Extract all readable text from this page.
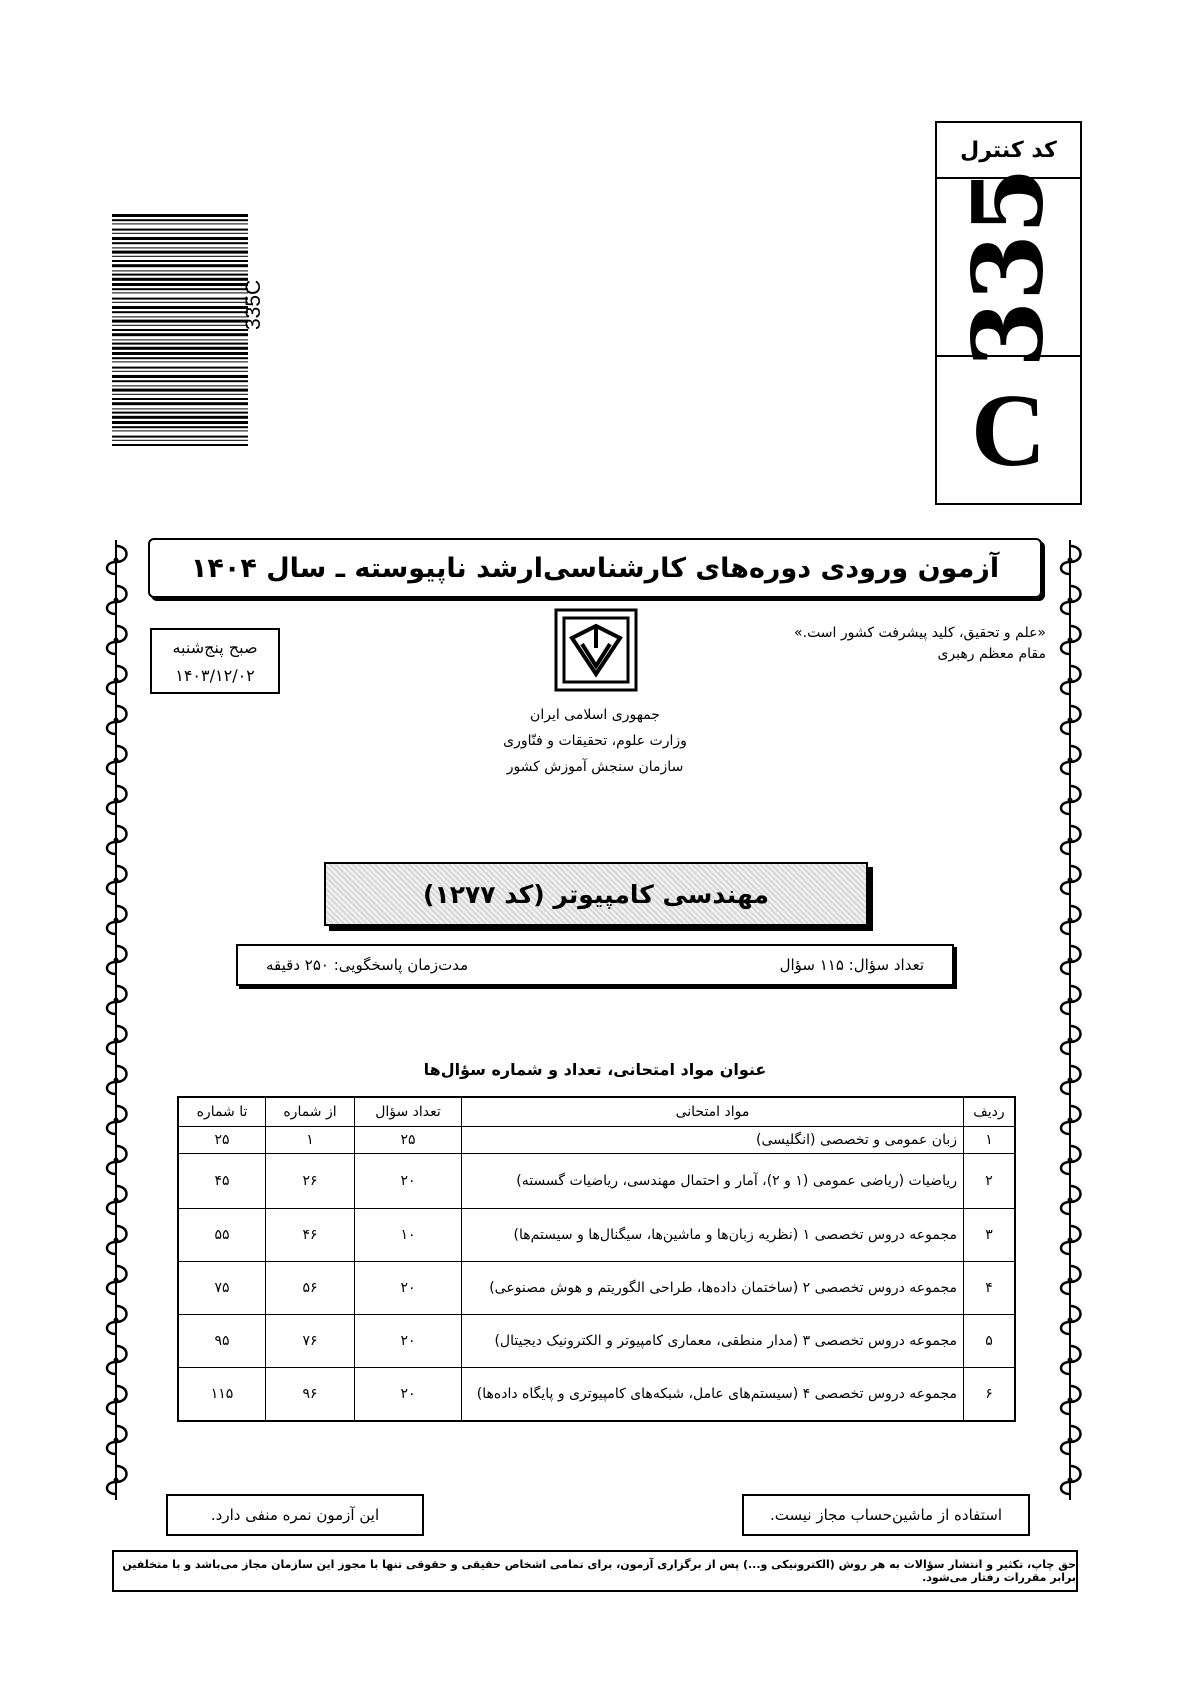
کد کنترل
335
C
335C
آزمون ورودی دوره‌های کارشناسی‌ارشد ناپیوسته ـ سال ۱۴۰۴
«علم و تحقیق، کلید پیشرفت کشور است.»
مقام معظم رهبری
صبح پنج‌شنبه
۱۴۰۳/۱۲/۰۲
جمهوری اسلامی ایران
وزارت علوم، تحقیقات و فنّاوری
سازمان سنجش آموزش کشور
مهندسی کامپیوتر (کد ۱۲۷۷)
تعداد سؤال: ۱۱۵ سؤال
مدت‌زمان پاسخگویی: ۲۵۰ دقیقه
عنوان مواد امتحانی، تعداد و شماره سؤال‌ها
ردیف	مواد امتحانی	تعداد سؤال	از شماره	تا شماره
۱	زبان عمومی و تخصصی (انگلیسی)	۲۵	۱	۲۵
۲	ریاضیات (ریاضی عمومی (۱ و ۲)، آمار و احتمال مهندسی، ریاضیات گسسته)	۲۰	۲۶	۴۵
۳	مجموعه دروس تخصصی ۱ (نظریه زبان‌ها و ماشین‌ها، سیگنال‌ها و سیستم‌ها)	۱۰	۴۶	۵۵
۴	مجموعه دروس تخصصی ۲ (ساختمان داده‌ها، طراحی الگوریتم و هوش مصنوعی)	۲۰	۵۶	۷۵
۵	مجموعه دروس تخصصی ۳ (مدار منطقی، معماری کامپیوتر و الکترونیک دیجیتال)	۲۰	۷۶	۹۵
۶	مجموعه دروس تخصصی ۴ (سیستم‌های عامل، شبکه‌های کامپیوتری و پایگاه داده‌ها)	۲۰	۹۶	۱۱۵
استفاده از ماشین‌حساب مجاز نیست.
این آزمون نمره منفی دارد.
حق چاپ، تکثیر و انتشار سؤالات به هر روش (الکترونیکی و...) پس از برگزاری آزمون، برای تمامی اشخاص حقیقی و حقوقی تنها با مجوز این سازمان مجاز می‌باشد و با متخلفین برابر مقررات رفتار می‌شود.
